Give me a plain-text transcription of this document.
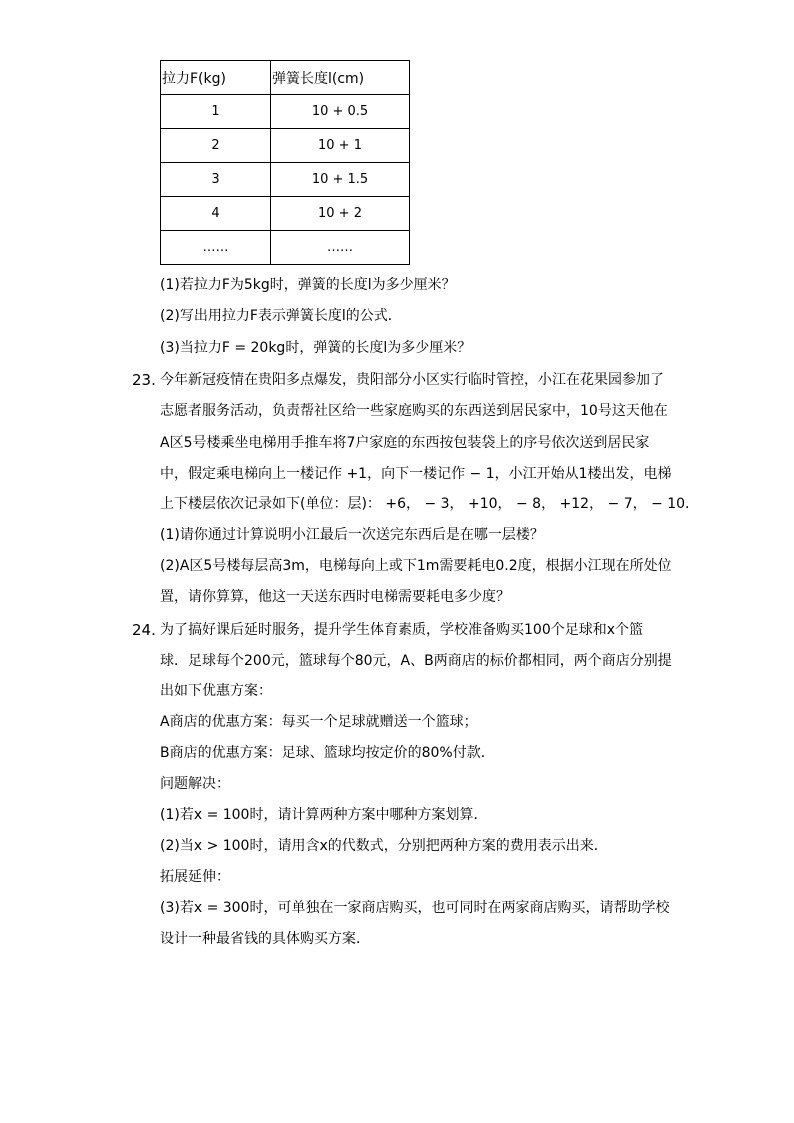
拉力F(kg)	弹簧长度l(cm)
1	10 + 0.5
2	10 + 1
3	10 + 1.5
4	10 + 2
……	……
(1)若拉力F为5kg时，弹簧的长度l为多少厘米？
(2)写出用拉力F表示弹簧长度l的公式．
(3)当拉力F = 20kg时，弹簧的长度l为多少厘米？
23. 今年新冠疫情在贵阳多点爆发，贵阳部分小区实行临时管控，小江在花果园参加了
志愿者服务活动，负责帮社区给一些家庭购买的东西送到居民家中，10号这天他在
A区5号楼乘坐电梯用手推车将7户家庭的东西按包装袋上的序号依次送到居民家
中，假定乘电梯向上一楼记作 +1，向下一楼记作 − 1，小江开始从1楼出发，电梯
上下楼层依次记录如下(单位：层)： +6， − 3， +10， − 8， +12， − 7， − 10．
(1)请你通过计算说明小江最后一次送完东西后是在哪一层楼？
(2)A区5号楼每层高3m，电梯每向上或下1m需要耗电0.2度，根据小江现在所处位
置，请你算算，他这一天送东西时电梯需要耗电多少度？
24. 为了搞好课后延时服务，提升学生体育素质，学校准备购买100个足球和x个篮
球．足球每个200元，篮球每个80元，A、B两商店的标价都相同，两个商店分别提
出如下优惠方案：
A商店的优惠方案：每买一个足球就赠送一个篮球；
B商店的优惠方案：足球、篮球均按定价的80%付款．
问题解决：
(1)若x = 100时，请计算两种方案中哪种方案划算．
(2)当x > 100时，请用含x的代数式，分别把两种方案的费用表示出来．
拓展延伸：
(3)若x = 300时，可单独在一家商店购买，也可同时在两家商店购买，请帮助学校
设计一种最省钱的具体购买方案．
